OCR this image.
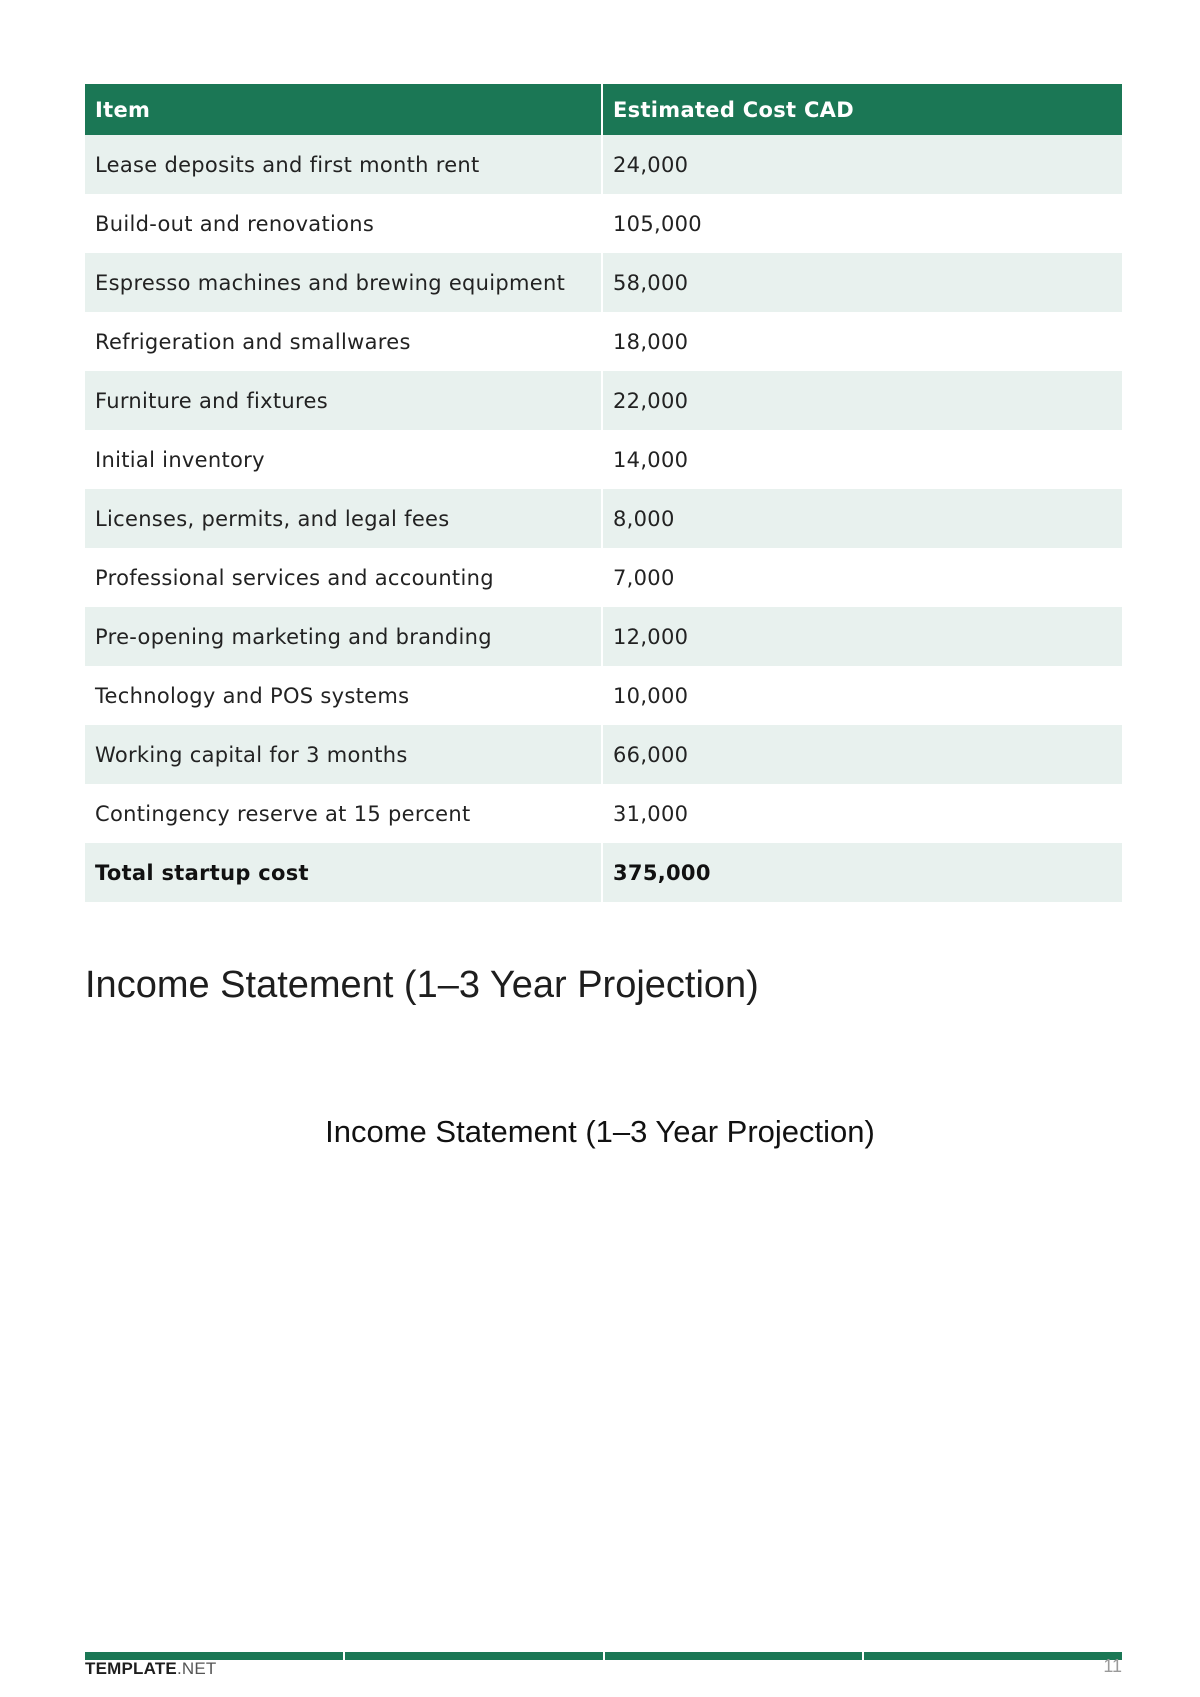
Item	Estimated Cost CAD
Lease deposits and first month rent	24,000
Build-out and renovations	105,000
Espresso machines and brewing equipment	58,000
Refrigeration and smallwares	18,000
Furniture and fixtures	22,000
Initial inventory	14,000
Licenses, permits, and legal fees	8,000
Professional services and accounting	7,000
Pre-opening marketing and branding	12,000
Technology and POS systems	10,000
Working capital for 3 months	66,000
Contingency reserve at 15 percent	31,000
Total startup cost	375,000
Income Statement (1–3 Year Projection)
Income Statement (1–3 Year Projection)
TEMPLATE.NET	11
